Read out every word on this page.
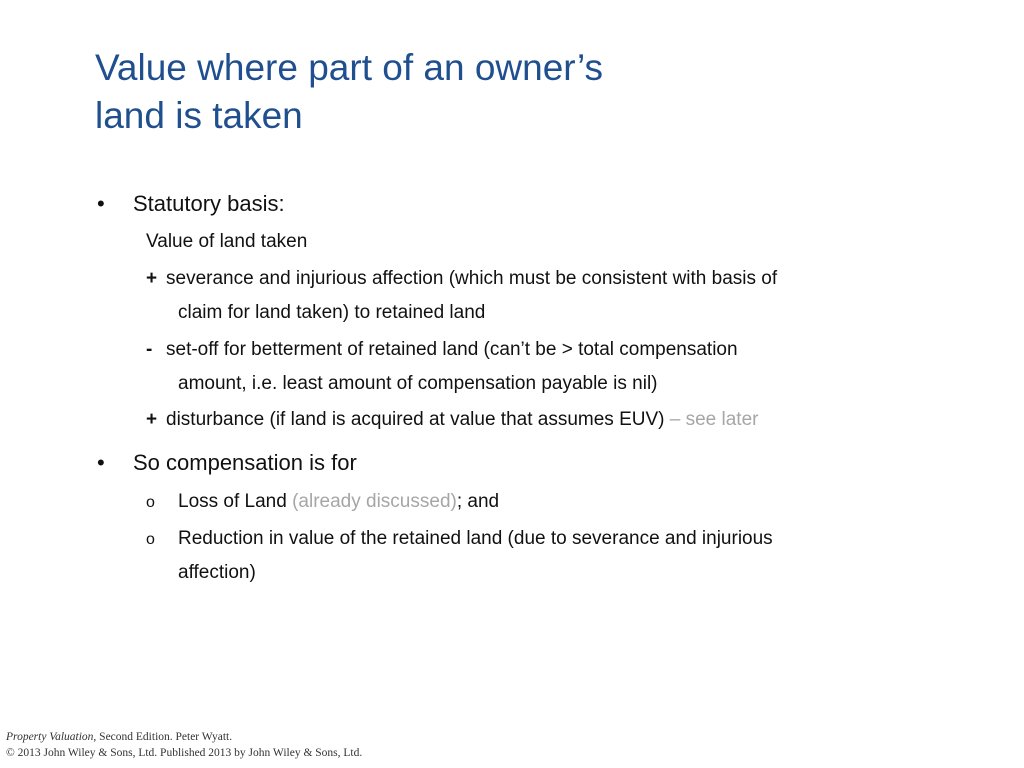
Value where part of an owner’s
land is taken
• Statutory basis:
Value of land taken
+ severance and injurious affection (which must be consistent with basis of
claim for land taken) to retained land
- set-off for betterment of retained land (can’t be > total compensation
amount, i.e. least amount of compensation payable is nil)
+ disturbance (if land is acquired at value that assumes EUV) – see later
• So compensation is for
o Loss of Land (already discussed); and
o Reduction in value of the retained land (due to severance and injurious
affection)
Property Valuation, Second Edition. Peter Wyatt.
© 2013 John Wiley & Sons, Ltd. Published 2013 by John Wiley & Sons, Ltd.
